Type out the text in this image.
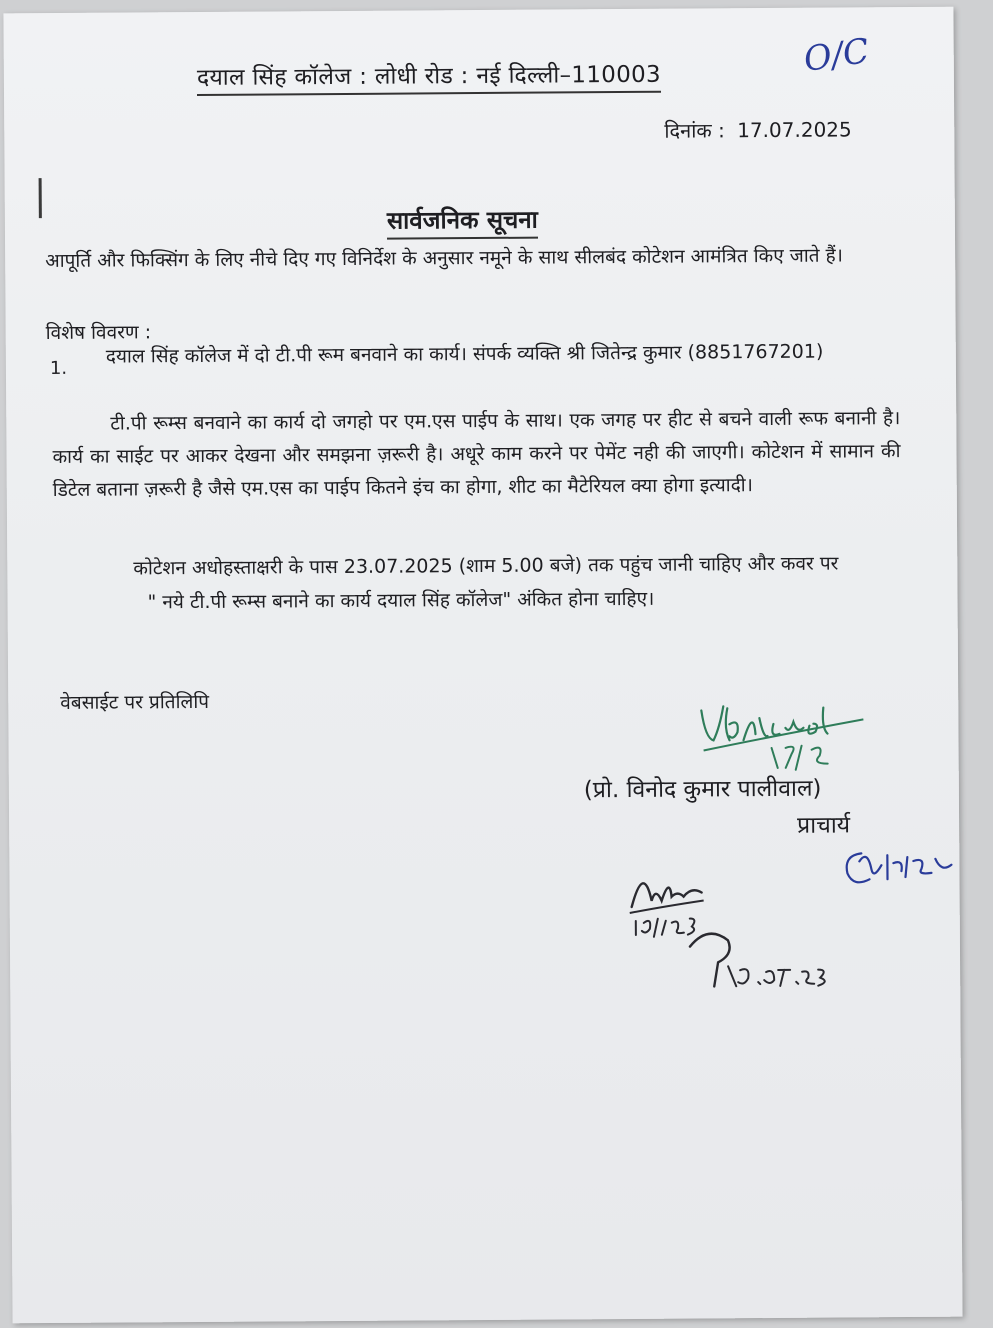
दयाल सिंह कॉलेज : लोधी रोड : नई दिल्ली–110003	O/C
दिनांक : 17.07.2025
सार्वजनिक सूचना
आपूर्ति और फिक्सिंग के लिए नीचे दिए गए विनिर्देश के अनुसार नमूने के साथ सीलबंद कोटेशन आमंत्रित किए जाते हैं।
विशेष विवरण :
1.
दयाल सिंह कॉलेज में दो टी.पी रूम बनवाने का कार्य। संपर्क व्यक्ति श्री जितेन्द्र कुमार (8851767201)
टी.पी रूम्स बनवाने का कार्य दो जगहो पर एम.एस पाईप के साथ। एक जगह पर हीट से बचने वाली रूफ बनानी है। कार्य का साईट पर आकर देखना और समझना ज़रूरी है। अधूरे काम करने पर पेमेंट नही की जाएगी। कोटेशन में सामान की डिटेल बताना ज़रूरी है जैसे एम.एस का पाईप कितने इंच का होगा, शीट का मैटेरियल क्या होगा इत्यादी।
कोटेशन अधोहस्ताक्षरी के पास 23.07.2025 (शाम 5.00 बजे) तक पहुंच जानी चाहिए और कवर पर
" नये टी.पी रूम्स बनाने का कार्य दयाल सिंह कॉलेज" अंकित होना चाहिए।
वेबसाईट पर प्रतिलिपि
(प्रो. विनोद कुमार पालीवाल)
प्राचार्य
